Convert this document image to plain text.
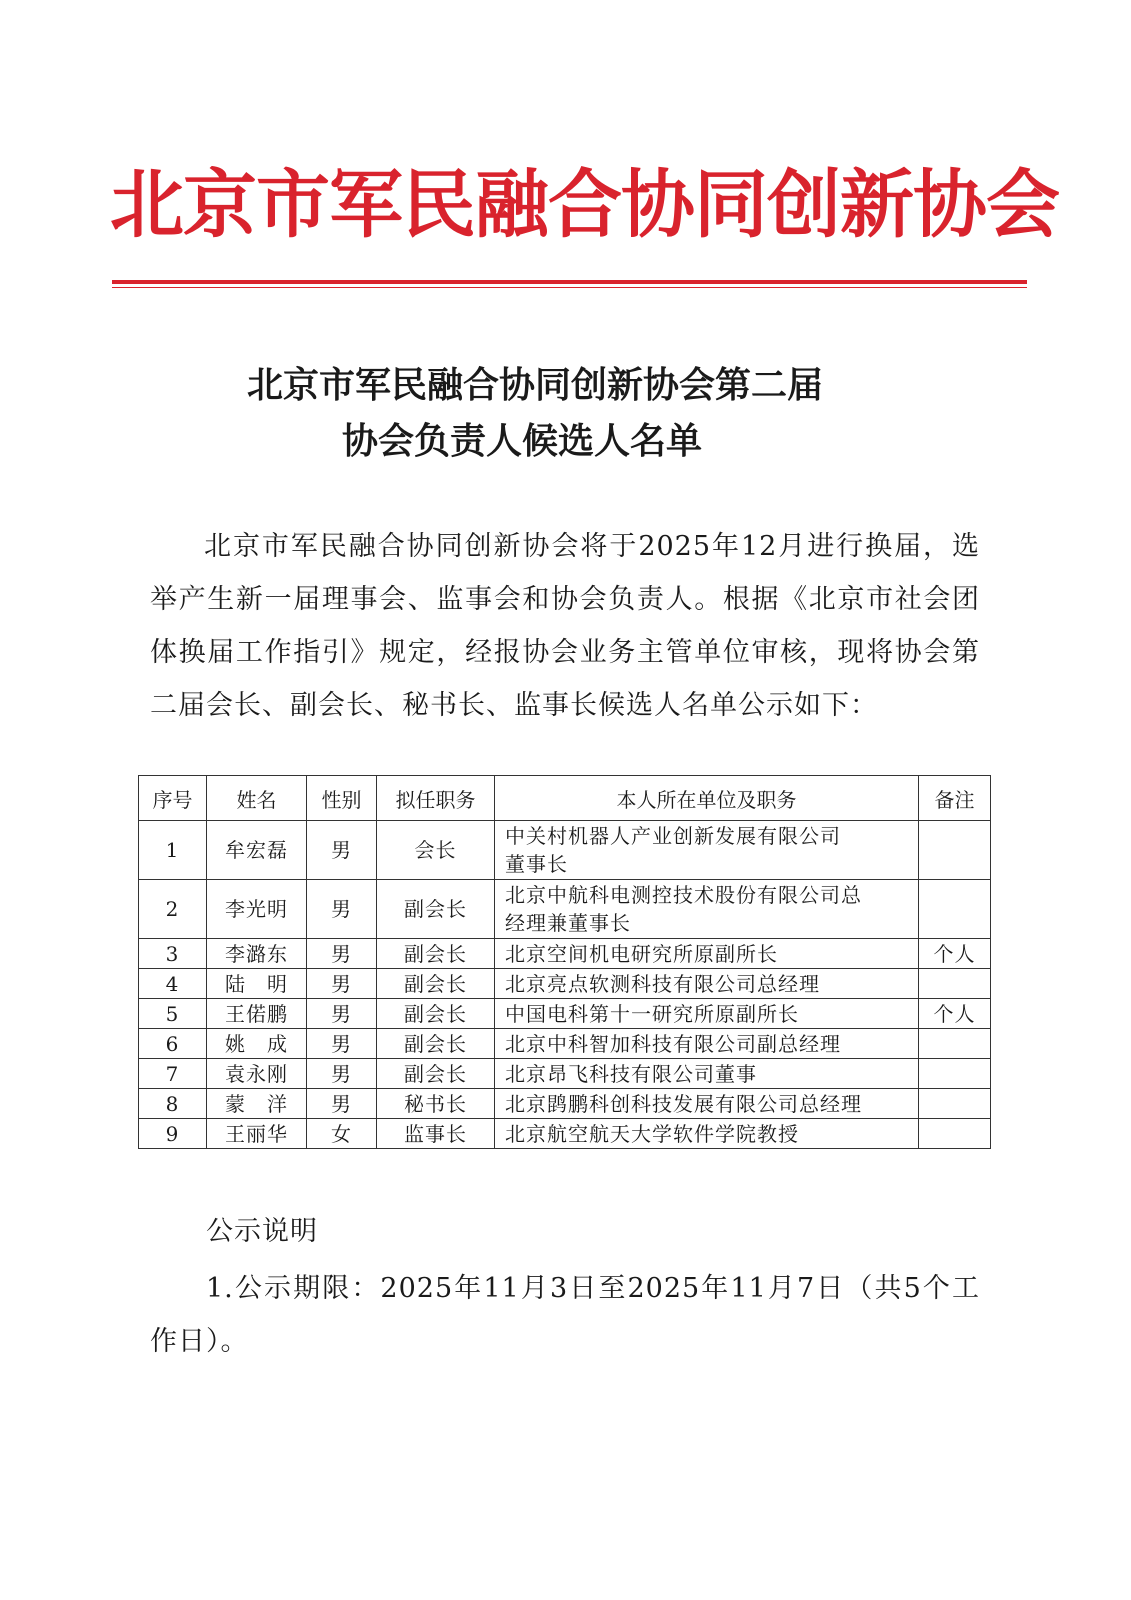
北京市军民融合协同创新协会
北京市军民融合协同创新协会第二届
协会负责人候选人名单
北京市军民融合协同创新协会将于2025年12月进行换届，选举产生新一届理事会、监事会和协会负责人。根据《北京市社会团体换届工作指引》规定，经报协会业务主管单位审核，现将协会第二届会长、副会长、秘书长、监事长候选人名单公示如下：
序号	姓名	性别	拟任职务	本人所在单位及职务	备注
1	牟宏磊	男	会长	中关村机器人产业创新发展有限公司
董事长	
2	李光明	男	副会长	北京中航科电测控技术股份有限公司总
经理兼董事长	
3	李潞东	男	副会长	北京空间机电研究所原副所长	个人
4	陆　明	男	副会长	北京亮点软测科技有限公司总经理	
5	王偌鹏	男	副会长	中国电科第十一研究所原副所长	个人
6	姚　成	男	副会长	北京中科智加科技有限公司副总经理	
7	袁永刚	男	副会长	北京昂飞科技有限公司董事	
8	蒙　洋	男	秘书长	北京鹍鹏科创科技发展有限公司总经理	
9	王丽华	女	监事长	北京航空航天大学软件学院教授	
公示说明
1.公示期限：2025年11月3日至2025年11月7日（共5个工作日）。
